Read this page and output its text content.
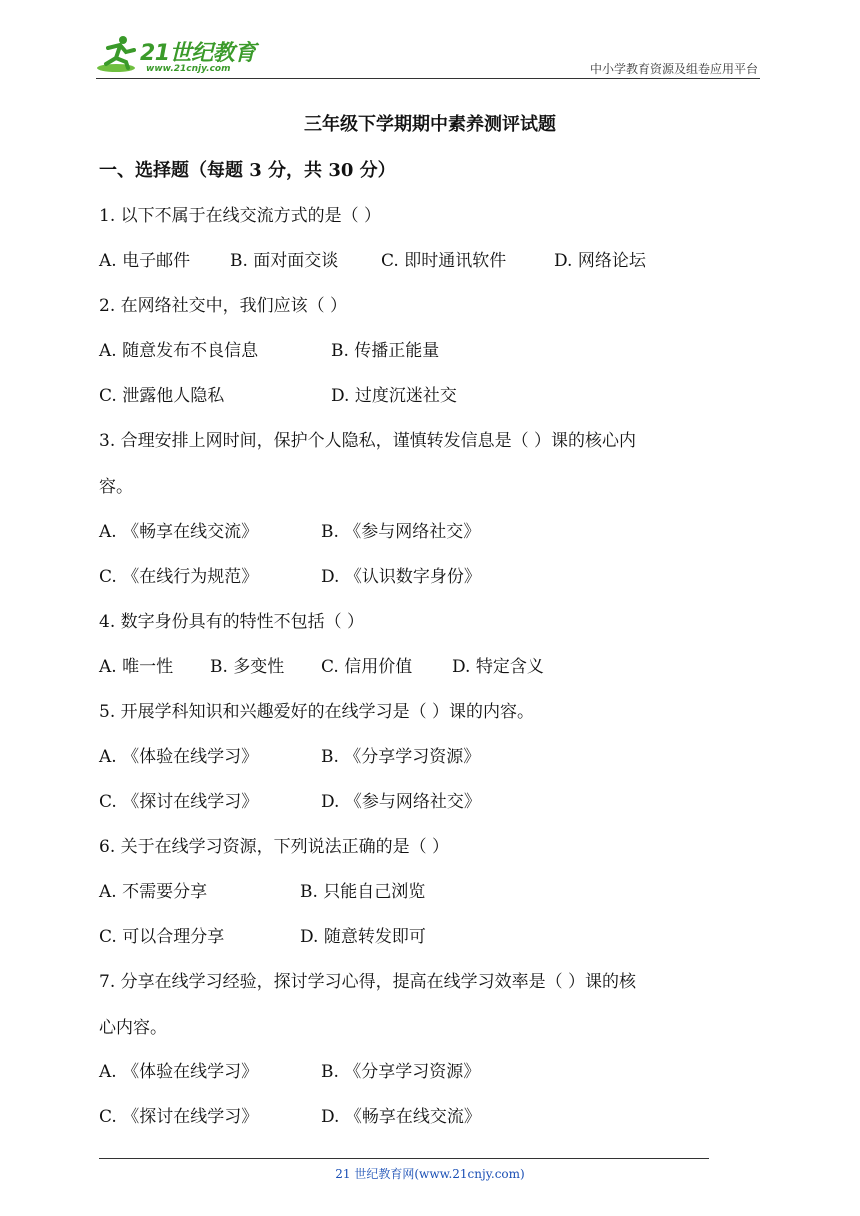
21世纪教育
www.21cnjy.com	中小学教育资源及组卷应用平台
三年级下学期期中素养测评试题
一、选择题（每题 3 分，共 30 分）
1. 以下不属于在线交流方式的是（ ）
A. 电子邮件 B. 面对面交谈	C. 即时通讯软件	D. 网络论坛
2. 在网络社交中，我们应该（ ）
A. 随意发布不良信息	B. 传播正能量
C. 泄露他人隐私	D. 过度沉迷社交
3. 合理安排上网时间，保护个人隐私，谨慎转发信息是（ ）课的核心内
容。
A. 《畅享在线交流》	B. 《参与网络社交》
C. 《在线行为规范》	D. 《认识数字身份》
4. 数字身份具有的特性不包括（ ）
A. 唯一性 B. 多变性 C. 信用价值 D. 特定含义
5. 开展学科知识和兴趣爱好的在线学习是（ ）课的内容。
A. 《体验在线学习》	B. 《分享学习资源》
C. 《探讨在线学习》	D. 《参与网络社交》
6. 关于在线学习资源，下列说法正确的是（ ）
A. 不需要分享	B. 只能自己浏览
C. 可以合理分享	D. 随意转发即可
7. 分享在线学习经验，探讨学习心得，提高在线学习效率是（ ）课的核
心内容。
A. 《体验在线学习》	B. 《分享学习资源》
C. 《探讨在线学习》	D. 《畅享在线交流》
21 世纪教育网(www.21cnjy.com)
